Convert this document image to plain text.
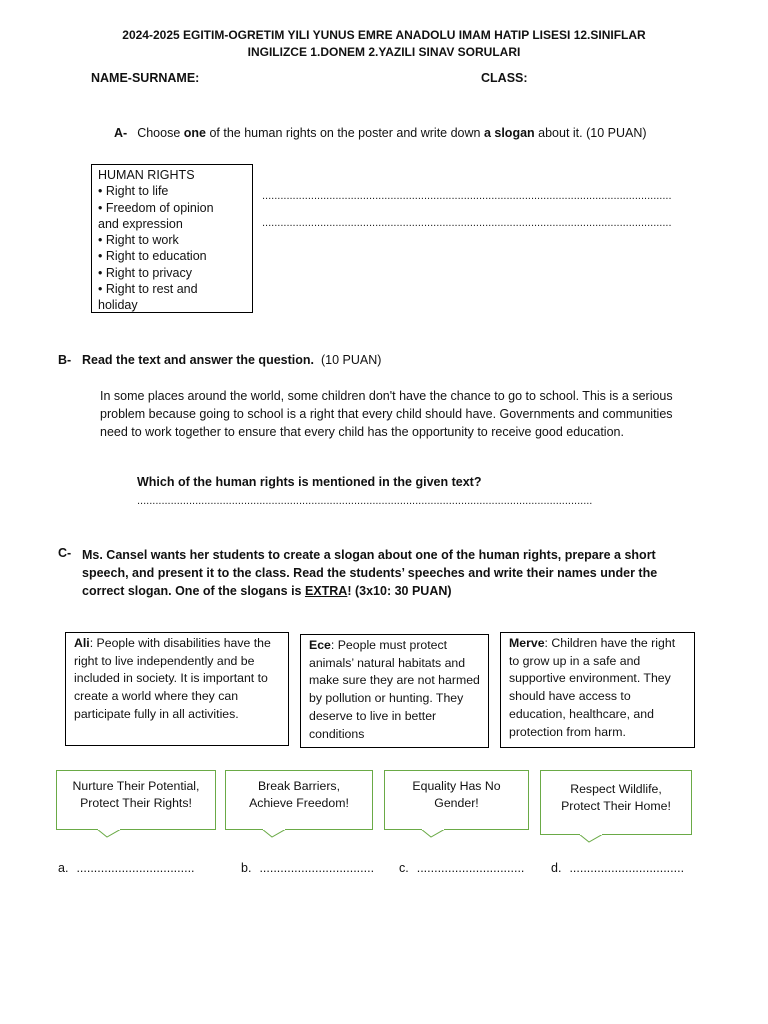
2024-2025 EGITIM-OGRETIM YILI YUNUS EMRE ANADOLU IMAM HATIP LISESI 12.SINIFLAR
INGILIZCE 1.DONEM 2.YAZILI SINAV SORULARI
NAME-SURNAME:	CLASS:
A- Choose one of the human rights on the poster and write down a slogan about it. (10 PUAN)
HUMAN RIGHTS
• Right to life
• Freedom of opinion
and expression
• Right to work
• Right to education
• Right to privacy
• Right to rest and
holiday
......................................................................................................................................
......................................................................................................................................
B- Read the text and answer the question. (10 PUAN)
In some places around the world, some children don't have the chance to go to school. This is a serious problem because going to school is a right that every child should have. Governments and communities need to work together to ensure that every child has the opportunity to receive good education.
Which of the human rights is mentioned in the given text?
.....................................................................................................................................................
C- Ms. Cansel wants her students to create a slogan about one of the human rights, prepare a short speech, and present it to the class. Read the students’ speeches and write their names under the correct slogan. One of the slogans is EXTRA! (3x10: 30 PUAN)
Ali: People with disabilities have the right to live independently and be included in society. It is important to create a world where they can participate fully in all activities.
Ece: People must protect animals’ natural habitats and make sure they are not harmed by pollution or hunting. They deserve to live in better conditions
Merve: Children have the right to grow up in a safe and supportive environment. They should have access to education, healthcare, and protection from harm.
Nurture Their Potential,
Protect Their Rights!
Break Barriers,
Achieve Freedom!
Equality Has No
Gender!
Respect Wildlife,
Protect Their Home!
a. ..................................	b. ................................. c. ............................... d. .................................
